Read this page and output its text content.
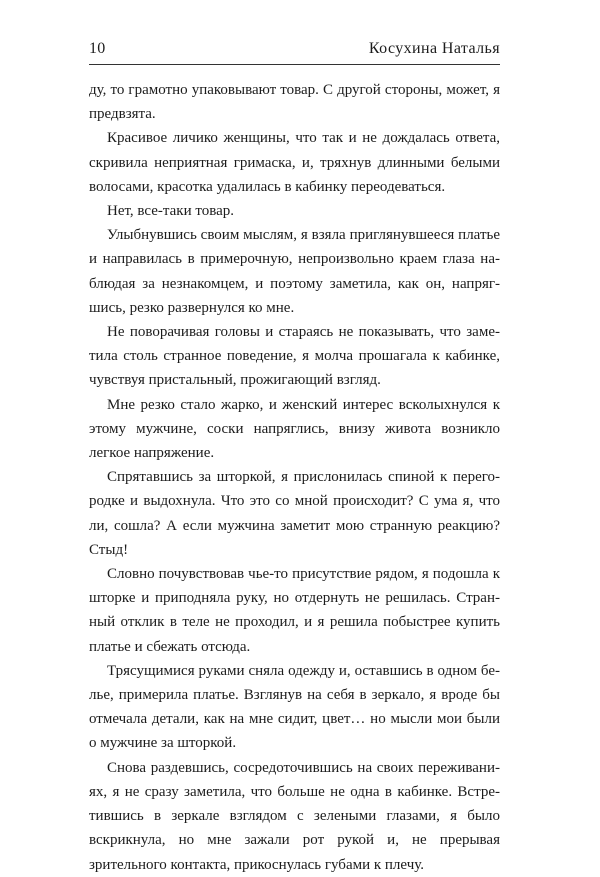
10	Косухина Наталья

ду, то грамотно упаковывают товар. С другой стороны, может, я предвзята.

Красивое личико женщины, что так и не дождалась ответа, скривила неприятная гримаска, и, тряхнув длинными белыми волосами, красотка удалилась в кабинку переодеваться.

Нет, все-таки товар.

Улыбнувшись своим мыслям, я взяла приглянувшееся платье и направилась в примерочную, непроизвольно краем глаза наблюдая за незнакомцем, и поэтому заметила, как он, напрягшись, резко развернулся ко мне.

Не поворачивая головы и стараясь не показывать, что заметила столь странное поведение, я молча прошагала к кабинке, чувствуя пристальный, прожигающий взгляд.

Мне резко стало жарко, и женский интерес всколыхнулся к этому мужчине, соски напряглись, внизу живота возникло легкое напряжение.

Спрятавшись за шторкой, я прислонилась спиной к перегородке и выдохнула. Что это со мной происходит? С ума я, что ли, сошла? А если мужчина заметит мою странную реакцию? Стыд!

Словно почувствовав чье-то присутствие рядом, я подошла к шторке и приподняла руку, но отдернуть не решилась. Странный отклик в теле не проходил, и я решила побыстрее купить платье и сбежать отсюда.

Трясущимися руками сняла одежду и, оставшись в одном белье, примерила платье. Взглянув на себя в зеркало, я вроде бы отмечала детали, как на мне сидит, цвет… но мысли мои были о мужчине за шторкой.

Снова раздевшись, сосредоточившись на своих переживаниях, я не сразу заметила, что больше не одна в кабинке. Встретившись в зеркале взглядом с зелеными глазами, я было вскрикнула, но мне зажали рот рукой и, не прерывая зрительного контакта, прикоснулась губами к плечу.
